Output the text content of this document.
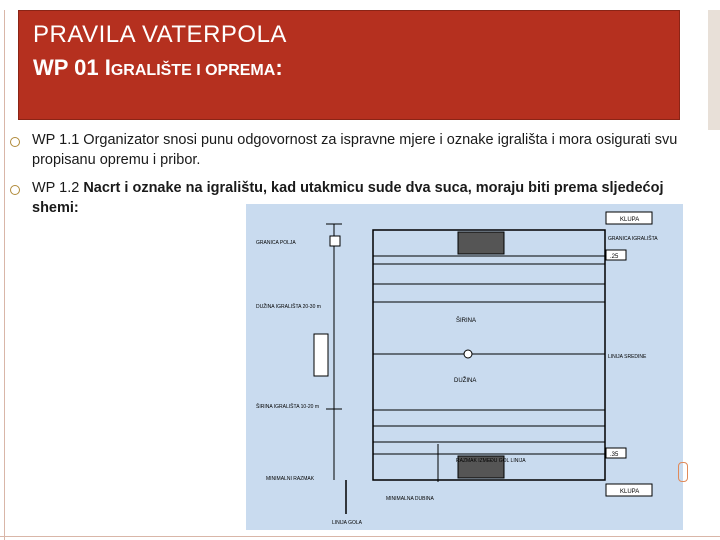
PRAVILA VATERPOLA
WP 01 IGRALIŠTE I OPREMA:
WP 1.1 Organizator snosi punu odgovornost za ispravne mjere i oznake igrališta i mora osigurati svu propisanu opremu i pribor.
WP 1.2 Nacrt i oznake na igralištu, kad utakmicu sude dva suca, moraju biti prema sljedećoj shemi:
ŠIRINA
DUŽINA
GRANICA POLJA
DUŽINA IGRALIŠTA 20-30 m
ŠIRINA IGRALIŠTA 10-20 m
MINIMALNI RAZMAK
LINIJA GOLA
RAZMAK IZMEĐU GOL LINIJA
MINIMALNA DUBINA
KLUPA
GRANICA IGRALIŠTA
.25
.35
LINIJA SREDINE
KLUPA
